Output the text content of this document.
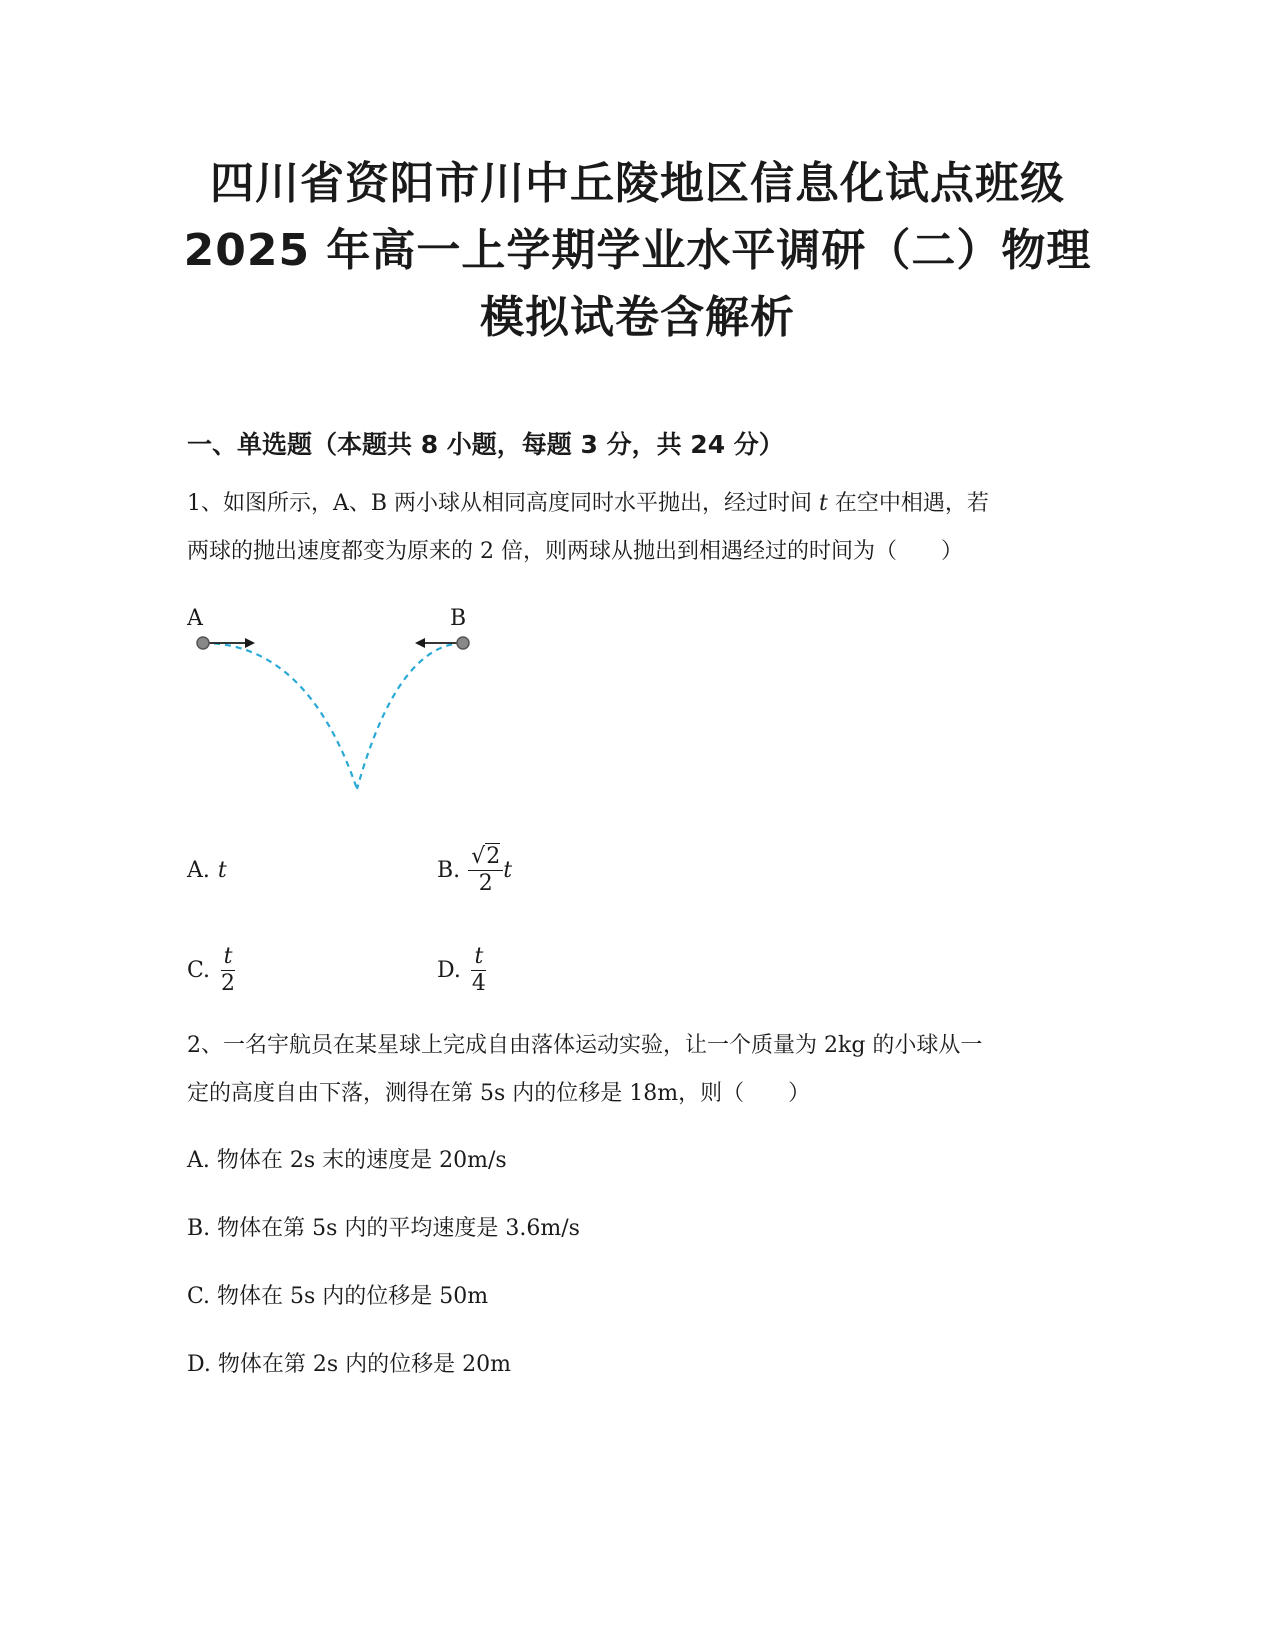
四川省资阳市川中丘陵地区信息化试点班级
2025 年高一上学期学业水平调研（二）物理
模拟试卷含解析
一、单选题（本题共 8 小题，每题 3 分，共 24 分）
1、如图所示，A、B 两小球从相同高度同时水平抛出，经过时间 t 在空中相遇，若
两球的抛出速度都变为原来的 2 倍，则两球从抛出到相遇经过的时间为（　　）
A	B
A. t	B. $\frac{√2}{2}$ t
C. $\frac{t}{2}$	D. $\frac{t}{4}$
2、一名宇航员在某星球上完成自由落体运动实验，让一个质量为 2kg 的小球从一
定的高度自由下落，测得在第 5s 内的位移是 18m，则（　　）
A. 物体在 2s 末的速度是 20m/s
B. 物体在第 5s 内的平均速度是 3.6m/s
C. 物体在 5s 内的位移是 50m
D. 物体在第 2s 内的位移是 20m
